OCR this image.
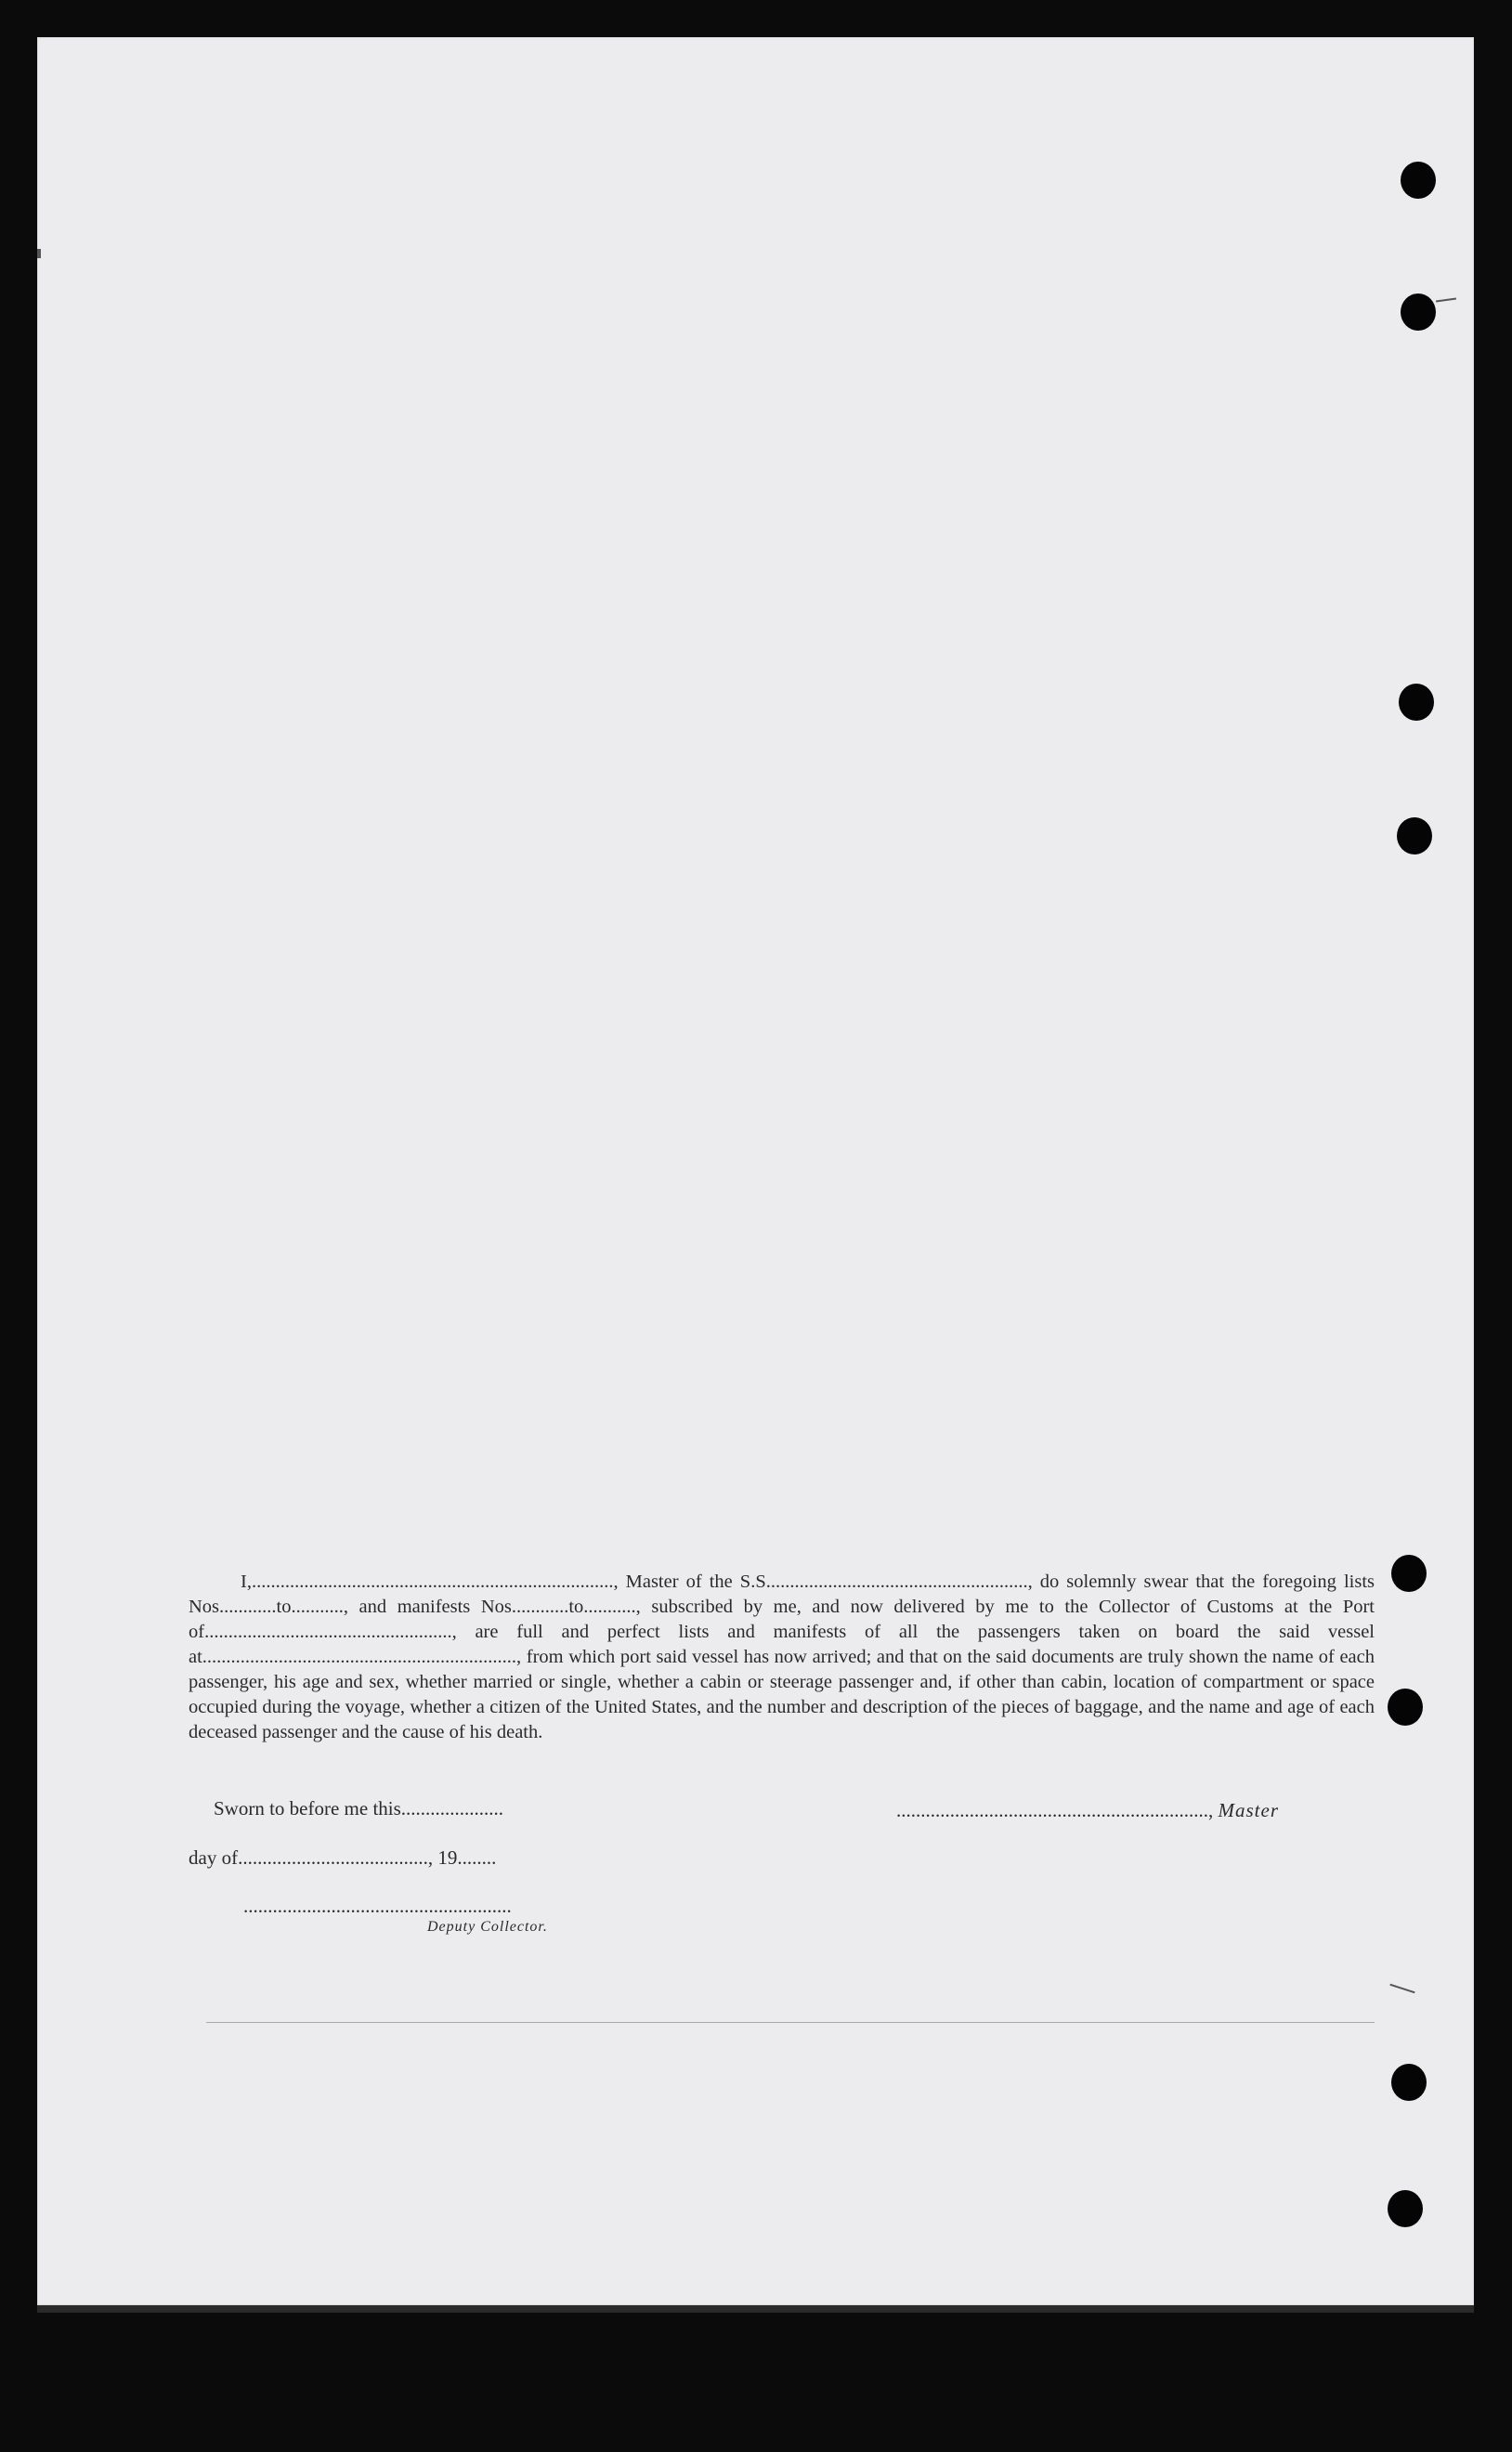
I,............................................................................, Master of the S.S......................................................., do solemnly swear that the foregoing lists Nos............to..........., and manifests Nos............to..........., subscribed by me, and now delivered by me to the Collector of Customs at the Port of...................................................., are full and perfect lists and manifests of all the passengers taken on board the said vessel at.................................................................., from which port said vessel has now arrived; and that on the said documents are truly shown the name of each passenger, his age and sex, whether married or single, whether a cabin or steerage passenger and, if other than cabin, location of compartment or space occupied during the voyage, whether a citizen of the United States, and the number and description of the pieces of baggage, and the name and age of each deceased passenger and the cause of his death.

Sworn to before me this.....................	................................................................, Master
day of......................................., 19........
.......................................................
Deputy Collector.
